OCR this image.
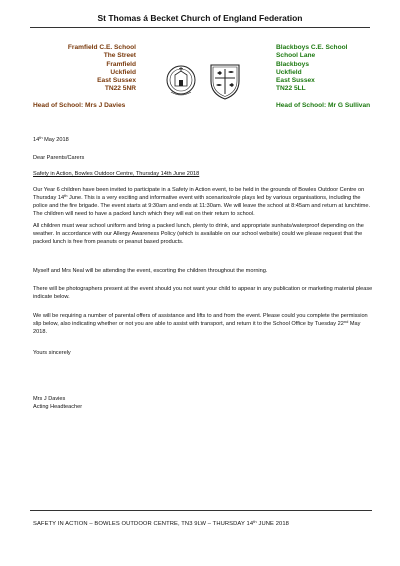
St Thomas á Becket Church of England Federation
Framfield C.E. School
The Street
Framfield
Uckfield
East Sussex
TN22 5NR
Blackboys C.E. School
School Lane
Blackboys
Uckfield
East Sussex
TN22 5LL
Head of School: Mrs J Davies	Head of School: Mr G Sullivan
14th May 2018
Dear Parents/Carers
Safety in Action, Bowles Outdoor Centre, Thursday 14th June 2018

Our Year 6 children have been invited to participate in a Safety in Action event, to be held in the grounds of Bowles Outdoor Centre on Thursday 14th June. This is a very exciting and informative event with scenarios/role plays led by various organisations, including the police and the fire brigade. The event starts at 9:30am and ends at 11:30am. We will leave the school at 8:45am and return at lunchtime. The children will need to have a packed lunch which they will eat on their return to school.

All children must wear school uniform and bring a packed lunch, plenty to drink, and appropriate sunhats/waterproof depending on the weather. In accordance with our Allergy Awareness Policy (which is available on our school website) could we please request that the packed lunch is free from peanuts or peanut based products.

Myself and Mrs Neal will be attending the event, escorting the children throughout the morning.

There will be photographers present at the event should you not want your child to appear in any publication or marketing material please indicate below.

We will be requiring a number of parental offers of assistance and lifts to and from the event. Please could you complete the permission slip below, also indicating whether or not you are able to assist with transport, and return it to the School Office by Tuesday 22nd May 2018.

Yours sincerely
Mrs J Davies
Acting Headteacher
SAFETY IN ACTION – BOWLES OUTDOOR CENTRE, TN3 9LW – THURSDAY 14th JUNE 2018
